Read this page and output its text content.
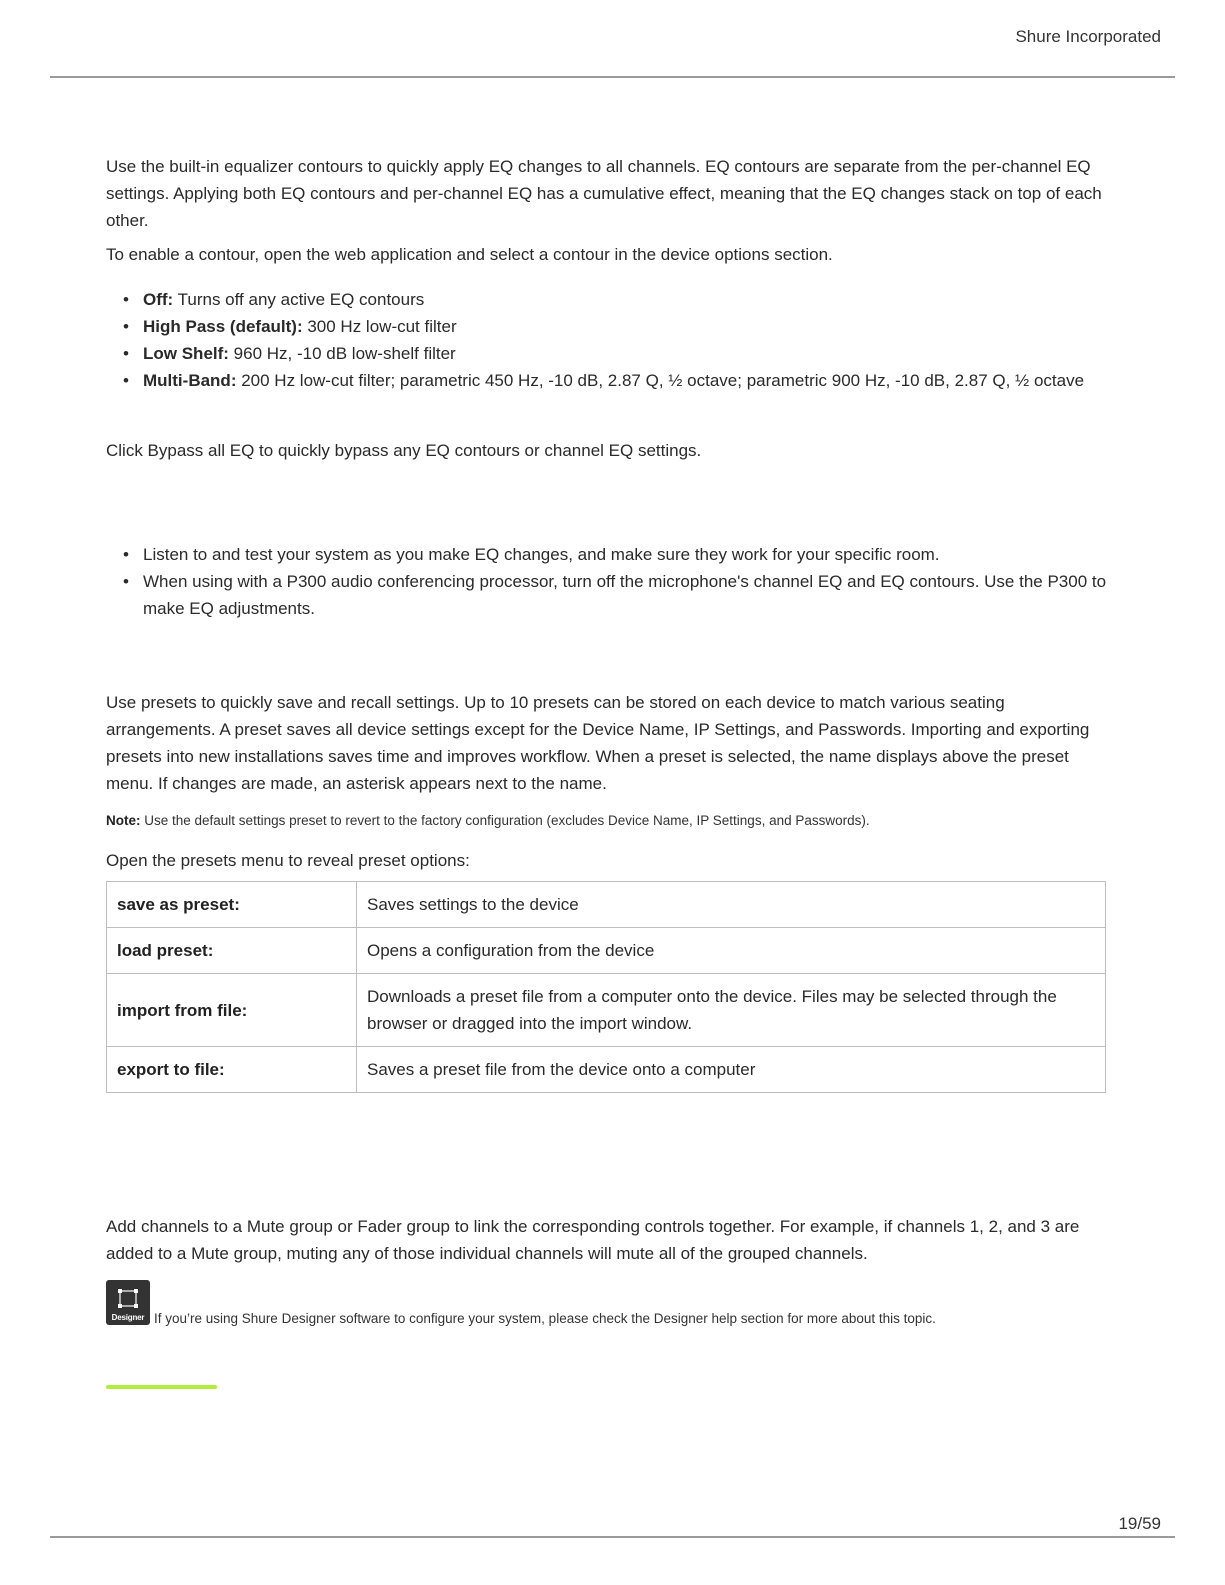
Shure Incorporated

Use the built-in equalizer contours to quickly apply EQ changes to all channels. EQ contours are separate from the per-channel EQ settings. Applying both EQ contours and per-channel EQ has a cumulative effect, meaning that the EQ changes stack on top of each other.

To enable a contour, open the web application and select a contour in the device options section.

• Off: Turns off any active EQ contours
• High Pass (default): 300 Hz low-cut filter
• Low Shelf: 960 Hz, -10 dB low-shelf filter
• Multi-Band: 200 Hz low-cut filter; parametric 450 Hz, -10 dB, 2.87 Q, ½ octave; parametric 900 Hz, -10 dB, 2.87 Q, ½ octave

Click Bypass all EQ to quickly bypass any EQ contours or channel EQ settings.

• Listen to and test your system as you make EQ changes, and make sure they work for your specific room.
• When using with a P300 audio conferencing processor, turn off the microphone's channel EQ and EQ contours. Use the P300 to make EQ adjustments.

Use presets to quickly save and recall settings. Up to 10 presets can be stored on each device to match various seating arrangements. A preset saves all device settings except for the Device Name, IP Settings, and Passwords. Importing and exporting presets into new installations saves time and improves workflow. When a preset is selected, the name displays above the preset menu. If changes are made, an asterisk appears next to the name.

Note: Use the default settings preset to revert to the factory configuration (excludes Device Name, IP Settings, and Passwords).

Open the presets menu to reveal preset options:

save as preset:	Saves settings to the device
load preset:	Opens a configuration from the device
import from file:	Downloads a preset file from a computer onto the device. Files may be selected through the browser or dragged into the import window.
export to file:	Saves a preset file from the device onto a computer

Add channels to a Mute group or Fader group to link the corresponding controls together. For example, if channels 1, 2, and 3 are added to a Mute group, muting any of those individual channels will mute all of the grouped channels.

Designer If you’re using Shure Designer software to configure your system, please check the Designer help section for more about this topic.
19/59
